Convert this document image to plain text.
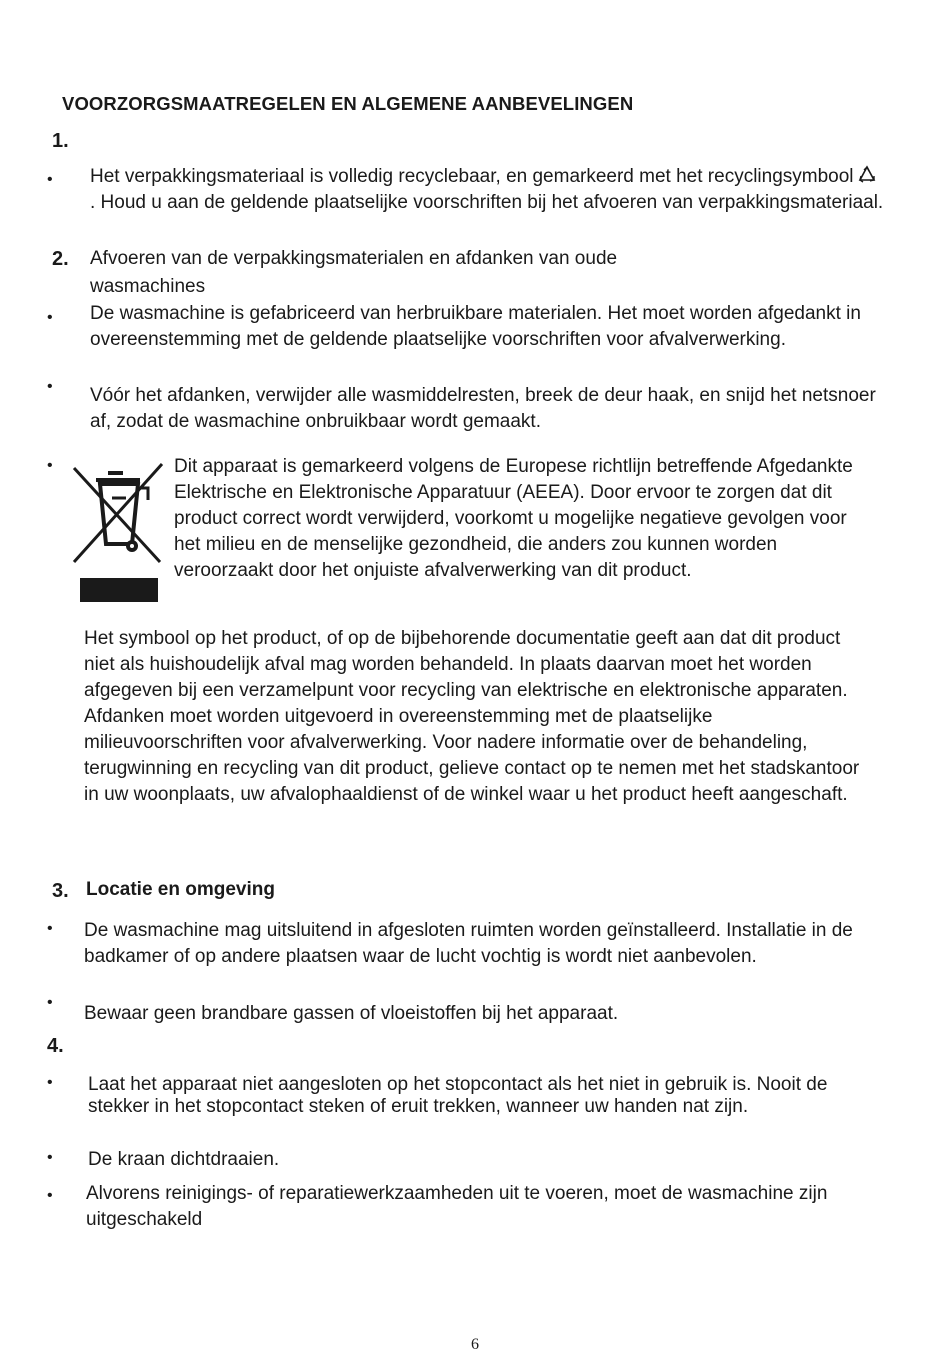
VOORZORGSMAATREGELEN EN ALGEMENE AANBEVELINGEN
1.
• Het verpakkingsmateriaal is volledig recyclebaar, en gemarkeerd met het recyclingsymbool . Houd u aan de geldende plaatselijke voorschriften bij het afvoeren van verpakkingsmateriaal.

2. Afvoeren van de verpakkingsmaterialen en afdanken van oude
wasmachines
• De wasmachine is gefabriceerd van herbruikbare materialen. Het moet worden afgedankt in overeenstemming met de geldende plaatselijke voorschriften voor afvalverwerking.

• Vóór het afdanken, verwijder alle wasmiddelresten, breek de deur haak, en snijd het netsnoer af, zodat de wasmachine onbruikbaar wordt gemaakt.

•	Dit apparaat is gemarkeerd volgens de Europese richtlijn betreffende Afgedankte Elektrische en Elektronische Apparatuur (AEEA). Door ervoor te zorgen dat dit product correct wordt verwijderd, voorkomt u mogelijke negatieve gevolgen voor het milieu en de menselijke gezondheid, die anders zou kunnen worden veroorzaakt door het onjuiste afvalverwerking van dit product.

Het symbool op het product, of op de bijbehorende documentatie geeft aan dat dit product niet als huishoudelijk afval mag worden behandeld. In plaats daarvan moet het worden afgegeven bij een verzamelpunt voor recycling van elektrische en elektronische apparaten. Afdanken moet worden uitgevoerd in overeenstemming met de plaatselijke milieuvoorschriften voor afvalverwerking. Voor nadere informatie over de behandeling, terugwinning en recycling van dit product, gelieve contact op te nemen met het stadskantoor in uw woonplaats, uw afvalophaaldienst of de winkel waar u het product heeft aangeschaft.

3. Locatie en omgeving
• De wasmachine mag uitsluitend in afgesloten ruimten worden geïnstalleerd. Installatie in de badkamer of op andere plaatsen waar de lucht vochtig is wordt niet aanbevolen.

•

Bewaar geen brandbare gassen of vloeistoffen bij het apparaat.

4.
• Laat het apparaat niet aangesloten op het stopcontact als het niet in gebruik is. Nooit de stekker in het stopcontact steken of eruit trekken, wanneer uw handen nat zijn.

• De kraan dichtdraaien.

• Alvorens reinigings- of reparatiewerkzaamheden uit te voeren, moet de wasmachine zijn uitgeschakeld

6
